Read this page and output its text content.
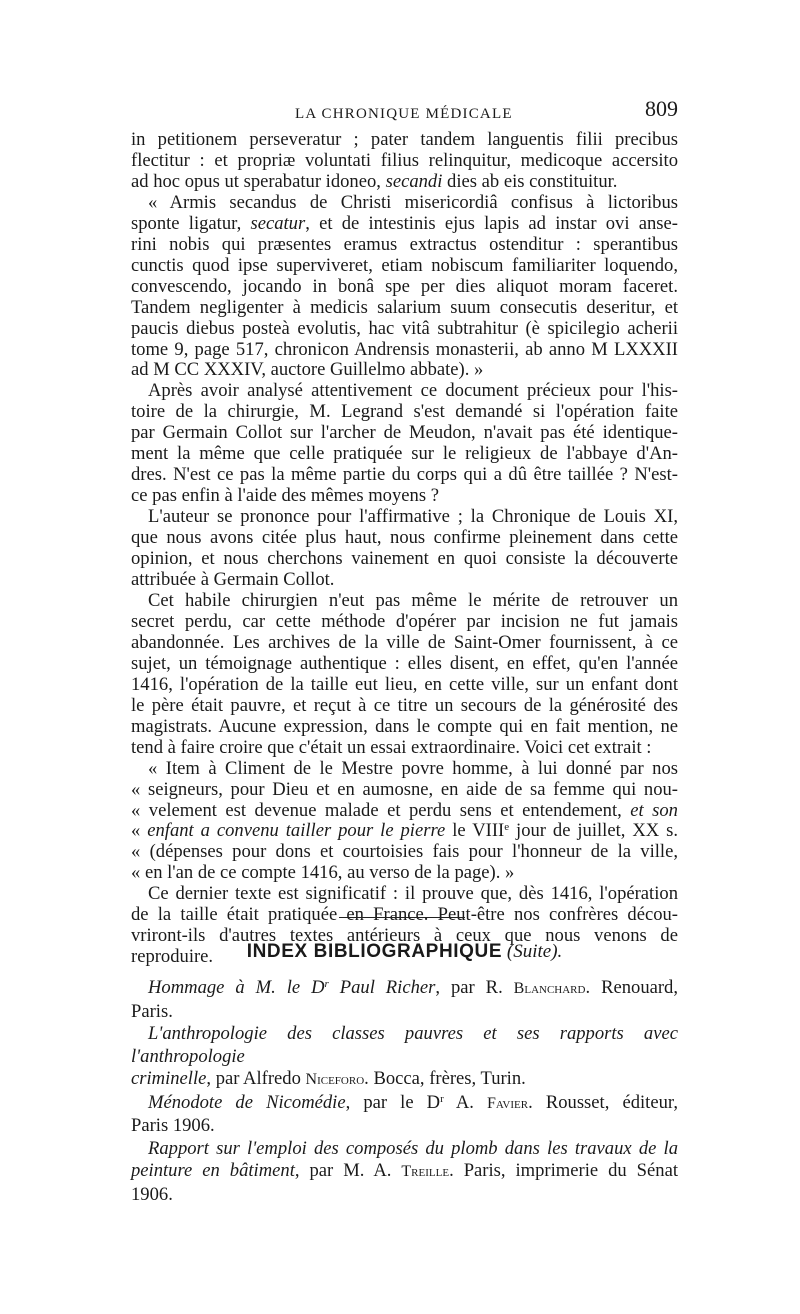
LA CHRONIQUE MÉDICALE	809

in petitionem perseveratur ; pater tandem languentis filii precibus

flectitur : et propriæ voluntati filius relinquitur, medicoque accersito

ad hoc opus ut sperabatur idoneo, secandi dies ab eis constituitur.

« Armis secandus de Christi misericordiâ confisus à lictoribus

sponte ligatur, secatur, et de intestinis ejus lapis ad instar ovi anse-

rini nobis qui præsentes eramus extractus ostenditur : sperantibus

cunctis quod ipse superviveret, etiam nobiscum familiariter loquendo,

convescendo, jocando in bonâ spe per dies aliquot moram faceret.

Tandem negligenter à medicis salarium suum consecutis deseritur, et

paucis diebus posteà evolutis, hac vitâ subtrahitur (è spicilegio acherii

tome 9, page 517, chronicon Andrensis monasterii, ab anno M LXXXII

ad M CC XXXIV, auctore Guillelmo abbate). »

Après avoir analysé attentivement ce document précieux pour l'his-

toire de la chirurgie, M. Legrand s'est demandé si l'opération faite

par Germain Collot sur l'archer de Meudon, n'avait pas été identique-

ment la même que celle pratiquée sur le religieux de l'abbaye d'An-

dres. N'est ce pas la même partie du corps qui a dû être taillée ? N'est-

ce pas enfin à l'aide des mêmes moyens ?

L'auteur se prononce pour l'affirmative ; la Chronique de Louis XI,

que nous avons citée plus haut, nous confirme pleinement dans cette

opinion, et nous cherchons vainement en quoi consiste la découverte

attribuée à Germain Collot.

Cet habile chirurgien n'eut pas même le mérite de retrouver un

secret perdu, car cette méthode d'opérer par incision ne fut jamais

abandonnée. Les archives de la ville de Saint-Omer fournissent, à ce

sujet, un témoignage authentique : elles disent, en effet, qu'en l'année

1416, l'opération de la taille eut lieu, en cette ville, sur un enfant dont

le père était pauvre, et reçut à ce titre un secours de la générosité des

magistrats. Aucune expression, dans le compte qui en fait mention, ne

tend à faire croire que c'était un essai extraordinaire. Voici cet extrait :

« Item à Climent de le Mestre povre homme, à lui donné par nos

« seigneurs, pour Dieu et en aumosne, en aide de sa femme qui nou-

« velement est devenue malade et perdu sens et entendement, et son

« enfant a convenu tailler pour le pierre le VIIIe jour de juillet, XX s.

« (dépenses pour dons et courtoisies fais pour l'honneur de la ville,

« en l'an de ce compte 1416, au verso de la page). »

Ce dernier texte est significatif : il prouve que, dès 1416, l'opération

de la taille était pratiquée en France. Peut-être nos confrères décou-

vriront-ils d'autres textes antérieurs à ceux que nous venons de

reproduire.	INDEX BIBLIOGRAPHIQUE (Suite).

Hommage à M. le $D^r$ Paul Richer, par R. Blanchard. Renouard,

Paris.

L'anthropologie des classes pauvres et ses rapports avec l'anthropologie

criminelle, par Alfredo Niceforo. Bocca, frères, Turin.

Ménodote de Nicomédie, par le $D^r$ A. Favier. Rousset, éditeur,

Paris 1906.

Rapport sur l'emploi des composés du plomb dans les travaux de la

peinture en bâtiment, par M. A. Treille. Paris, imprimerie du Sénat

1906.
